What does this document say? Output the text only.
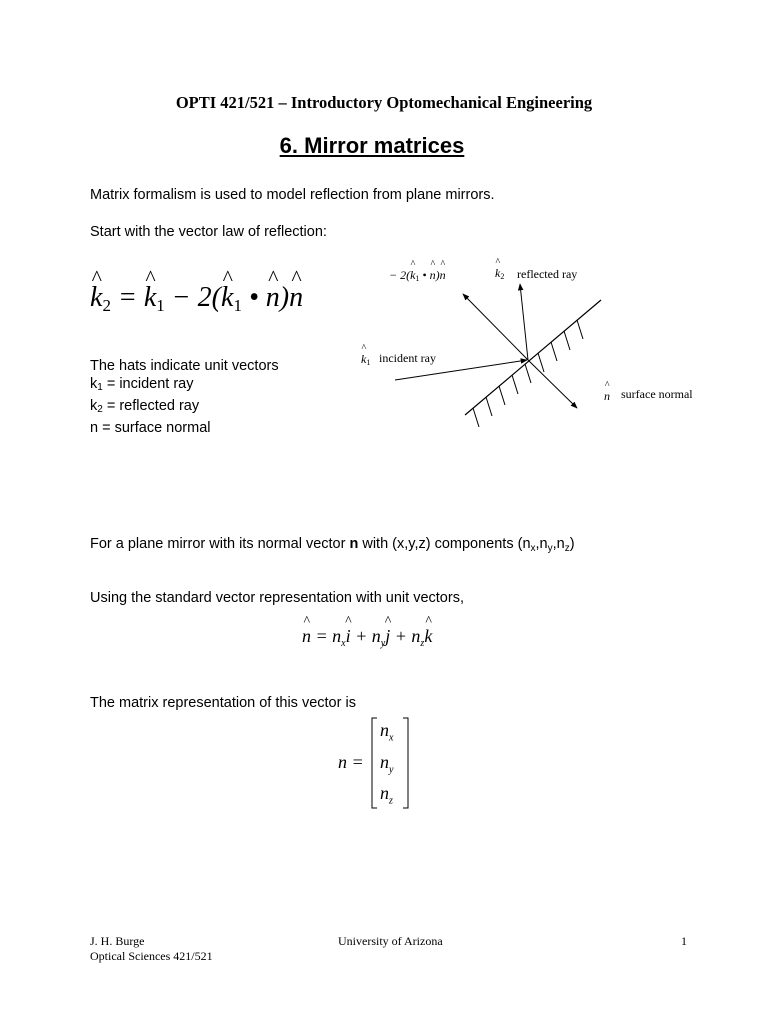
OPTI 421/521 – Introductory Optomechanical Engineering
6. Mirror matrices
Matrix formalism is used to model reflection from plane mirrors.
Start with the vector law of reflection:
^ $k_2$ = ^ $k_1$ − 2(^ $k_1$ • ^ n)^ n
The hats indicate unit vectors
$k_1$ = incident ray
$k_2$ = reflected ray
n = surface normal
− 2(^ $k_1$ • ^ n)^ n
^	$k_2$ reflected ray
^ $k_1$ incident ray
^ n surface normal
For a plane mirror with its normal vector n with (x,y,z) components $(n_x,n_y,n_z)$
Using the standard vector representation with unit vectors,
^ $n = n_x\^{}$ $i + n_y\^{}$ $j + n_z\^{}$ k
The matrix representation of this vector is
n =
$n_x$
$n_y$
$n_z$
J. H. Burge
Optical Sciences 421/521
University of Arizona	1
